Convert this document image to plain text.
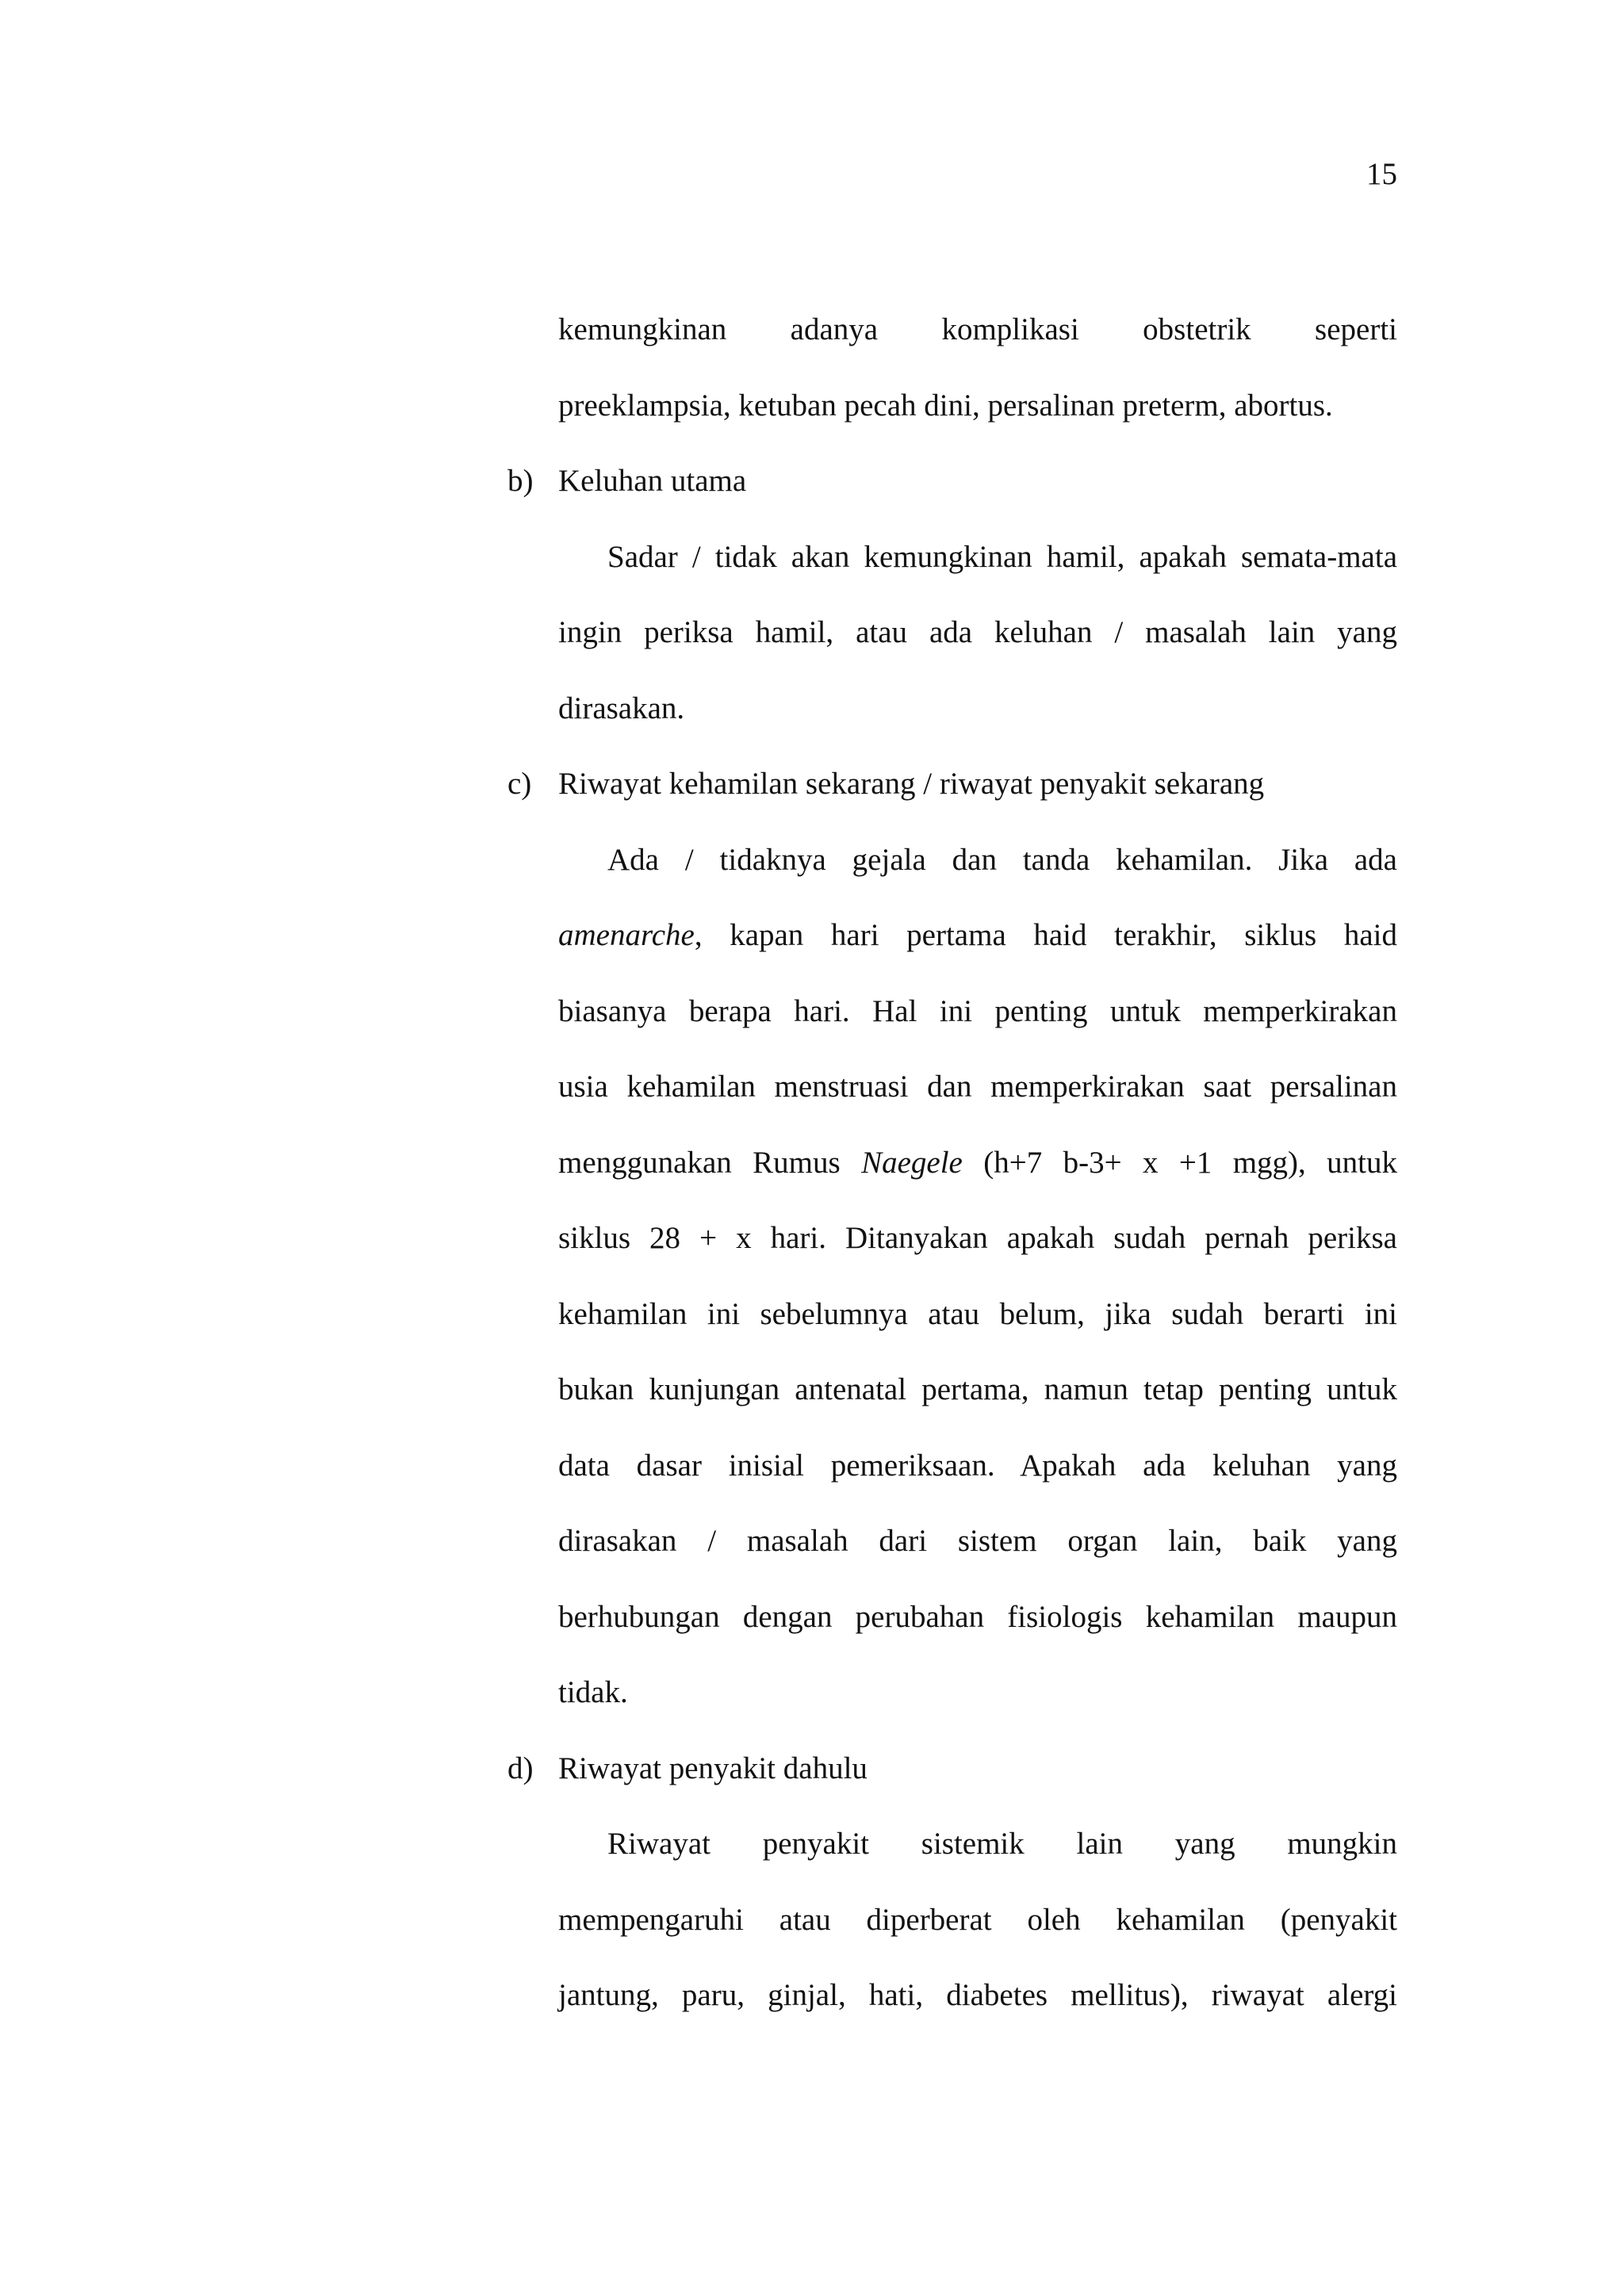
15
kemungkinan adanya komplikasi obstetrik seperti
preeklampsia, ketuban pecah dini, persalinan preterm, abortus.
b) Keluhan utama
Sadar / tidak akan kemungkinan hamil, apakah semata-mata
ingin periksa hamil, atau ada keluhan / masalah lain yang
dirasakan.
c) Riwayat kehamilan sekarang / riwayat penyakit sekarang
Ada / tidaknya gejala dan tanda kehamilan. Jika ada
amenarche, kapan hari pertama haid terakhir, siklus haid
biasanya berapa hari. Hal ini penting untuk memperkirakan
usia kehamilan menstruasi dan memperkirakan saat persalinan
menggunakan Rumus Naegele (h+7 b-3+ x +1 mgg), untuk
siklus 28 + x hari. Ditanyakan apakah sudah pernah periksa
kehamilan ini sebelumnya atau belum, jika sudah berarti ini
bukan kunjungan antenatal pertama, namun tetap penting untuk
data dasar inisial pemeriksaan. Apakah ada keluhan yang
dirasakan / masalah dari sistem organ lain, baik yang
berhubungan dengan perubahan fisiologis kehamilan maupun
tidak.
d) Riwayat penyakit dahulu
Riwayat penyakit sistemik lain yang mungkin
mempengaruhi atau diperberat oleh kehamilan (penyakit
jantung, paru, ginjal, hati, diabetes mellitus), riwayat alergi
